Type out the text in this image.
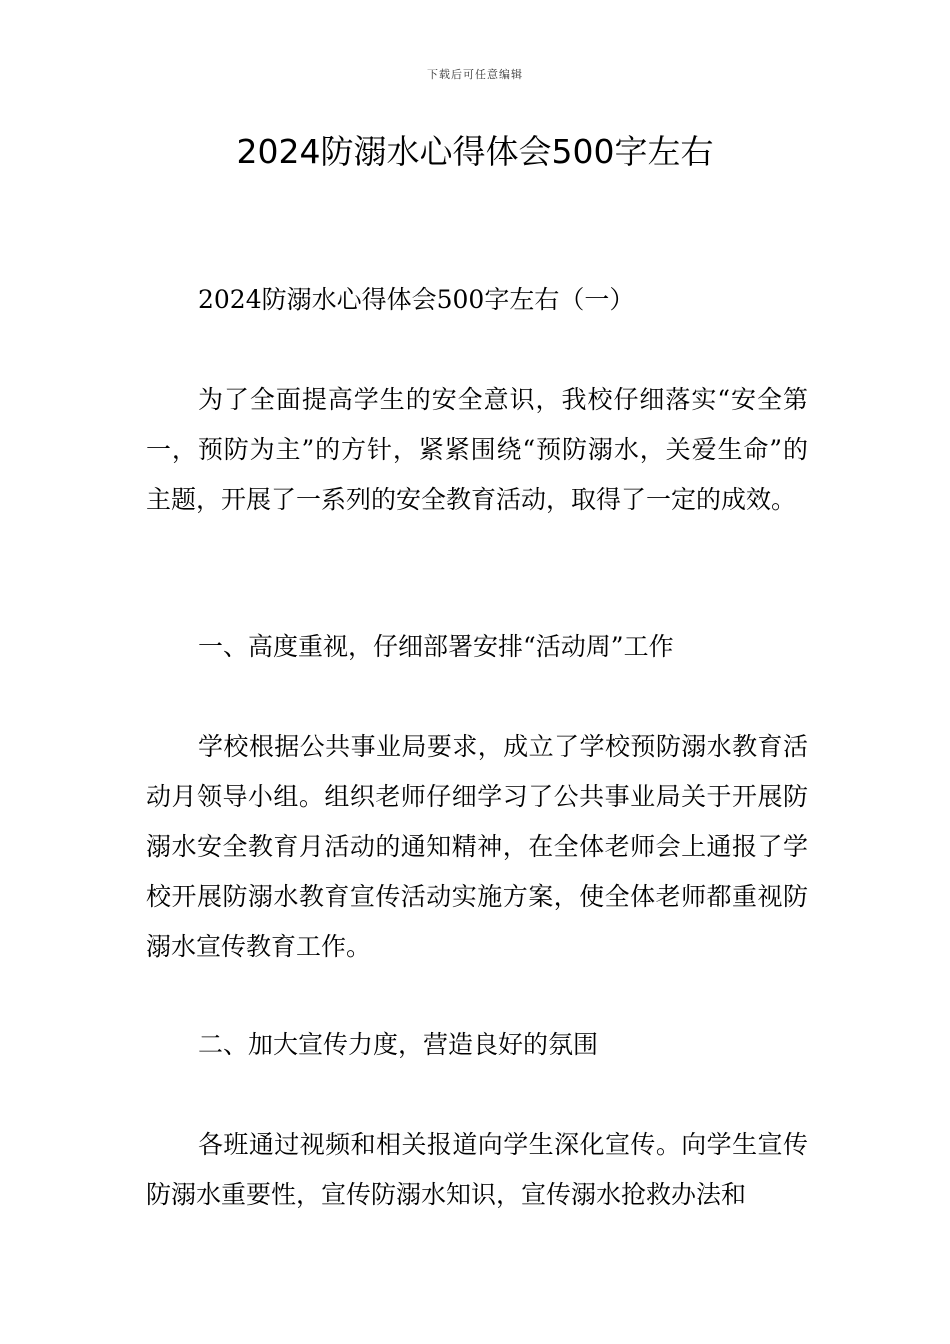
下载后可任意编辑
2024防溺水心得体会500字左右

2024防溺水心得体会500字左右（一）

为了全面提高学生的安全意识，我校仔细落实“安全第一，预防为主”的方针，紧紧围绕“预防溺水，关爱生命”的主题，开展了一系列的安全教育活动，取得了一定的成效。

一、高度重视，仔细部署安排“活动周”工作

学校根据公共事业局要求，成立了学校预防溺水教育活动月领导小组。组织老师仔细学习了公共事业局关于开展防溺水安全教育月活动的通知精神，在全体老师会上通报了学校开展防溺水教育宣传活动实施方案，使全体老师都重视防溺水宣传教育工作。

二、加大宣传力度，营造良好的氛围

各班通过视频和相关报道向学生深化宣传。向学生宣传防溺水重要性，宣传防溺水知识，宣传溺水抢救办法和
